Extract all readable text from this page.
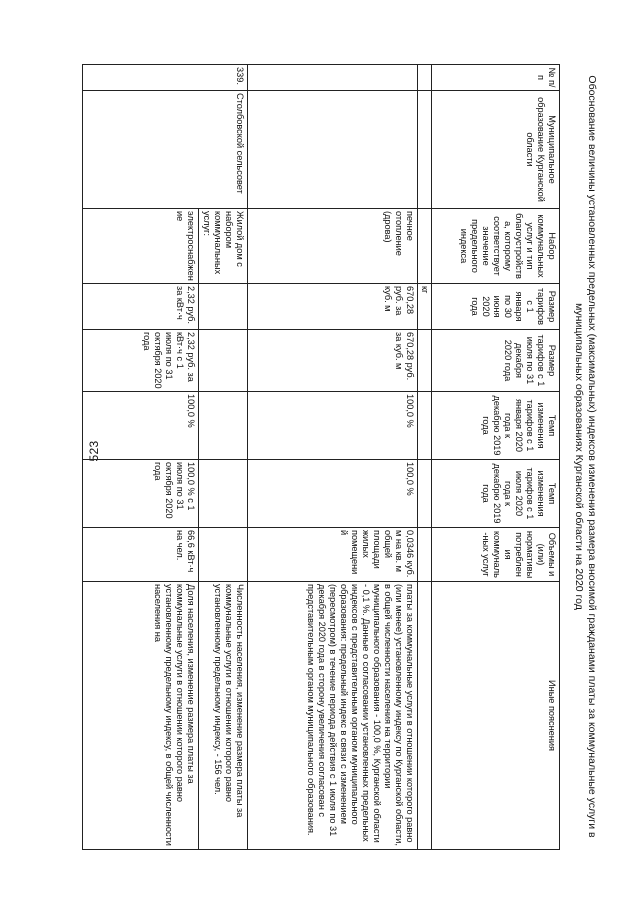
523	Обоснование величины установленных предельных (максимальных) индексов изменения размера вносимой гражданами платы за коммунальные услуги в муниципальных образованиях Курганской области на 2020 год
№ п/п	Муниципальное образование Курганской области	Набор коммунальных услуг и тип благоустройства, которому соответствует значение предельного индекса	Размер тарифов с 1 января по 30 июня 2020 года	Размер тарифов с 1 июля по 31 декабря 2020 года	Темп изменения тарифов с 1 января 2020 года к декабрю 2019 года	Темп изменения тарифов с 1 июля 2020 года к декабрю 2019 года	Объемы и (или) нормативы потребления коммуналь-ных услуг	Иные пояснения
			кг					
		печное отопление (дрова)	670,28 руб. за куб. м	670,28 руб. за куб. м	100,0 %	100,0 %	0,0346 куб. м на кв. м общей площади жилых помещений	платы за коммунальные услуги в отношении которого равно (или менее) установленному индексу по Курганской области, в общей численности населения на территории муниципального образования - 100,0 %, Курганской области - 0,1 %. Данные о согласовании установленных предельных индексов с представительным органом муниципального образования: предельный индекс в связи с изменением (пересмотром) в течение периода действия с 1 июля по 31 декабря 2020 года в сторону увеличения согласован с представительным органом муниципального образования.
339.	Столбовской сельсовет	Жилой дом с набором коммунальных услуг:						Численность населения, изменение размера платы за коммунальные услуги в отношении которого равно установленному предельному индексу, - 156 чел.
		электроснабжение	2,32 руб. за кВт·ч	2,32 руб. за кВт·ч с 1 июля по 31 октября 2020 года	100,0 %	100,0 % с 1 июля по 31 октября 2020 года	66,6 кВт·ч на чел.	Доля населения, изменение размера платы за коммунальные услуги в отношении которого равно установленному предельному индексу, в общей численности населения на
